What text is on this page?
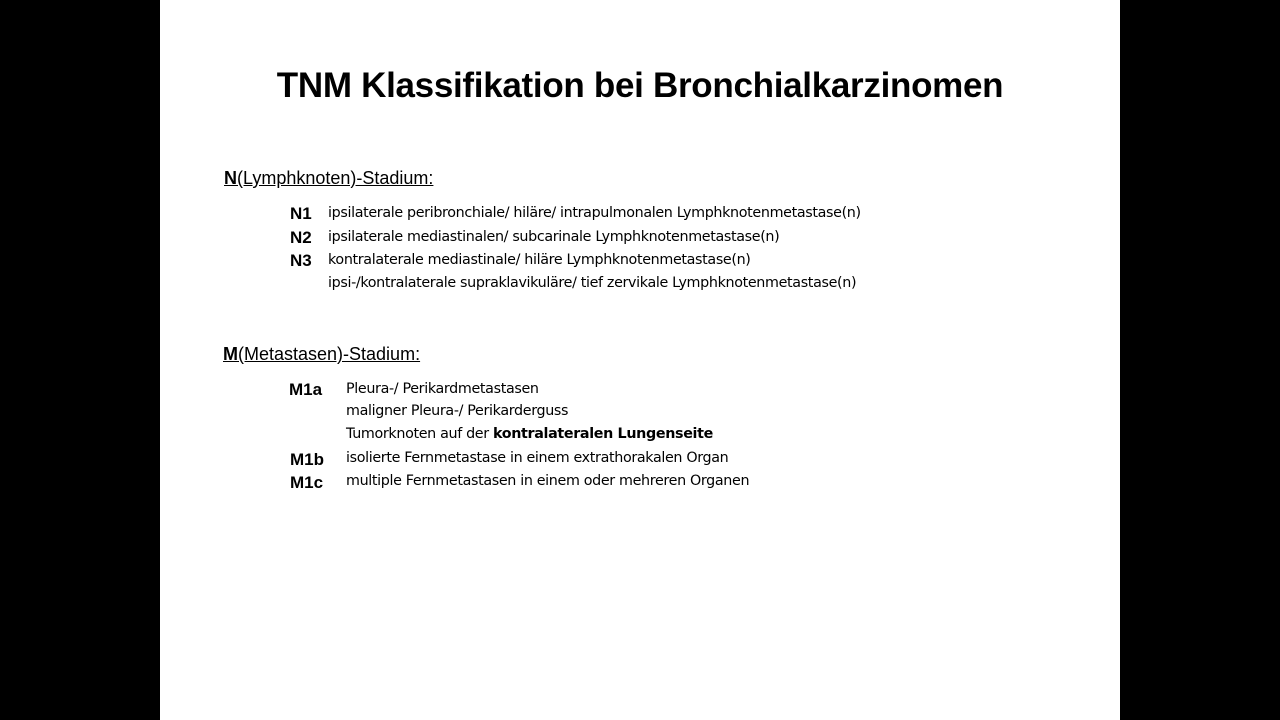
TNM Klassifikation bei Bronchialkarzinomen
N(Lymphknoten)-Stadium:
N1 ipsilaterale peribronchiale/ hiläre/ intrapulmonalen Lymphknotenmetastase(n)
N2 ipsilaterale mediastinalen/ subcarinale Lymphknotenmetastase(n)
N3 kontralaterale mediastinale/ hiläre Lymphknotenmetastase(n)
ipsi-/kontralaterale supraklavikuläre/ tief zervikale Lymphknotenmetastase(n)
M(Metastasen)-Stadium:
M1a Pleura-/ Perikardmetastasen
maligner Pleura-/ Perikarderguss
Tumorknoten auf der kontralateralen Lungenseite
M1b isolierte Fernmetastase in einem extrathorakalen Organ
M1c multiple Fernmetastasen in einem oder mehreren Organen
